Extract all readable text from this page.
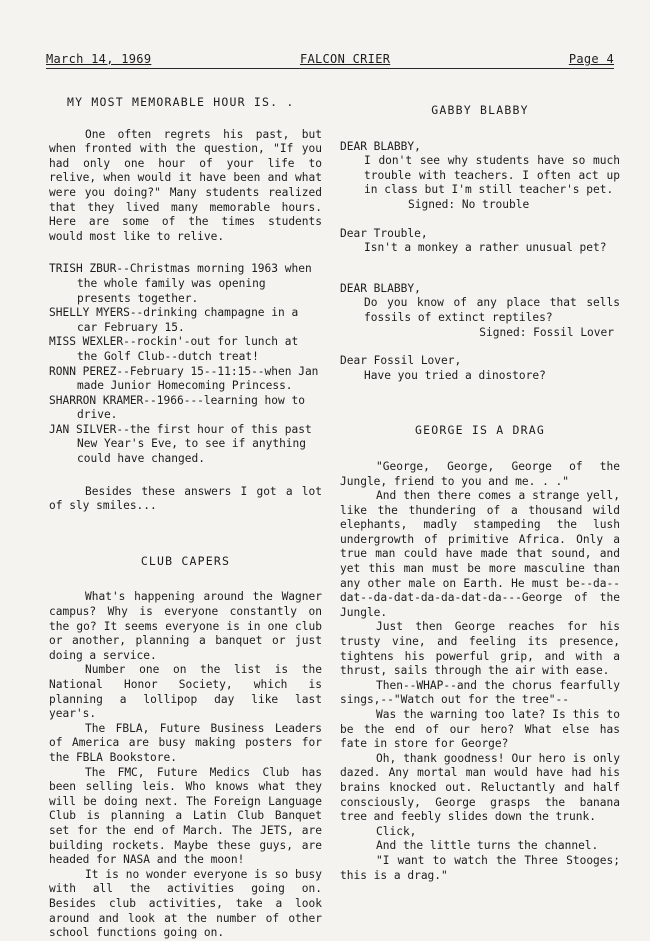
March 14, 1969	FALCON CRIER	Page 4

MY MOST MEMORABLE HOUR IS. .

One often regrets his past, but when fronted with the question, "If you had only one hour of your life to relive, when would it have been and what were you doing?" Many students realized that they lived many memorable hours. Here are some of the times students would most like to relive.

TRISH ZBUR--Christmas morning 1963 when the whole family was opening presents together.

SHELLY MYERS--drinking champagne in a car February 15.

MISS WEXLER--rockin'-out for lunch at the Golf Club--dutch treat!

RONN PEREZ--February 15--11:15--when Jan made Junior Homecoming Princess.

SHARRON KRAMER--1966---learning how to drive.

JAN SILVER--the first hour of this past New Year's Eve, to see if anything could have changed.

Besides these answers I got a lot of sly smiles...

CLUB CAPERS

What's happening around the Wagner campus? Why is everyone constantly on the go? It seems everyone is in one club or another, planning a banquet or just doing a service.

Number one on the list is the National Honor Society, which is planning a lollipop day like last year's.

The FBLA, Future Business Leaders of America are busy making posters for the FBLA Bookstore.

The FMC, Future Medics Club has been selling leis. Who knows what they will be doing next. The Foreign Language Club is planning a Latin Club Banquet set for the end of March. The JETS, are building rockets. Maybe these guys, are headed for NASA and the moon!

It is no wonder everyone is so busy with all the activities going on. Besides club activities, take a look around and look at the number of other school functions going on.

GABBY BLABBY

DEAR BLABBY,

I don't see why students have so much trouble with teachers. I often act up in class but I'm still teacher's pet.

Signed: No trouble

Dear Trouble,

Isn't a monkey a rather unusual pet?

DEAR BLABBY,

Do you know of any place that sells fossils of extinct reptiles?

Signed: Fossil Lover

Dear Fossil Lover,

Have you tried a dinostore?

GEORGE IS A DRAG

"George, George, George of the Jungle, friend to you and me. . ."

And then there comes a strange yell, like the thundering of a thousand wild elephants, madly stampeding the lush undergrowth of primitive Africa. Only a true man could have made that sound, and yet this man must be more masculine than any other male on Earth. He must be--da--dat--da-dat-da-da-dat-da---George of the Jungle.

Just then George reaches for his trusty vine, and feeling its presence, tightens his powerful grip, and with a thrust, sails through the air with ease.

Then--WHAP--and the chorus fearfully sings,--"Watch out for the tree"--

Was the warning too late? Is this to be the end of our hero? What else has fate in store for George?

Oh, thank goodness! Our hero is only dazed. Any mortal man would have had his brains knocked out. Reluctantly and half consciously, George grasps the banana tree and feebly slides down the trunk.

Click,

And the little turns the channel.

"I want to watch the Three Stooges; this is a drag."
